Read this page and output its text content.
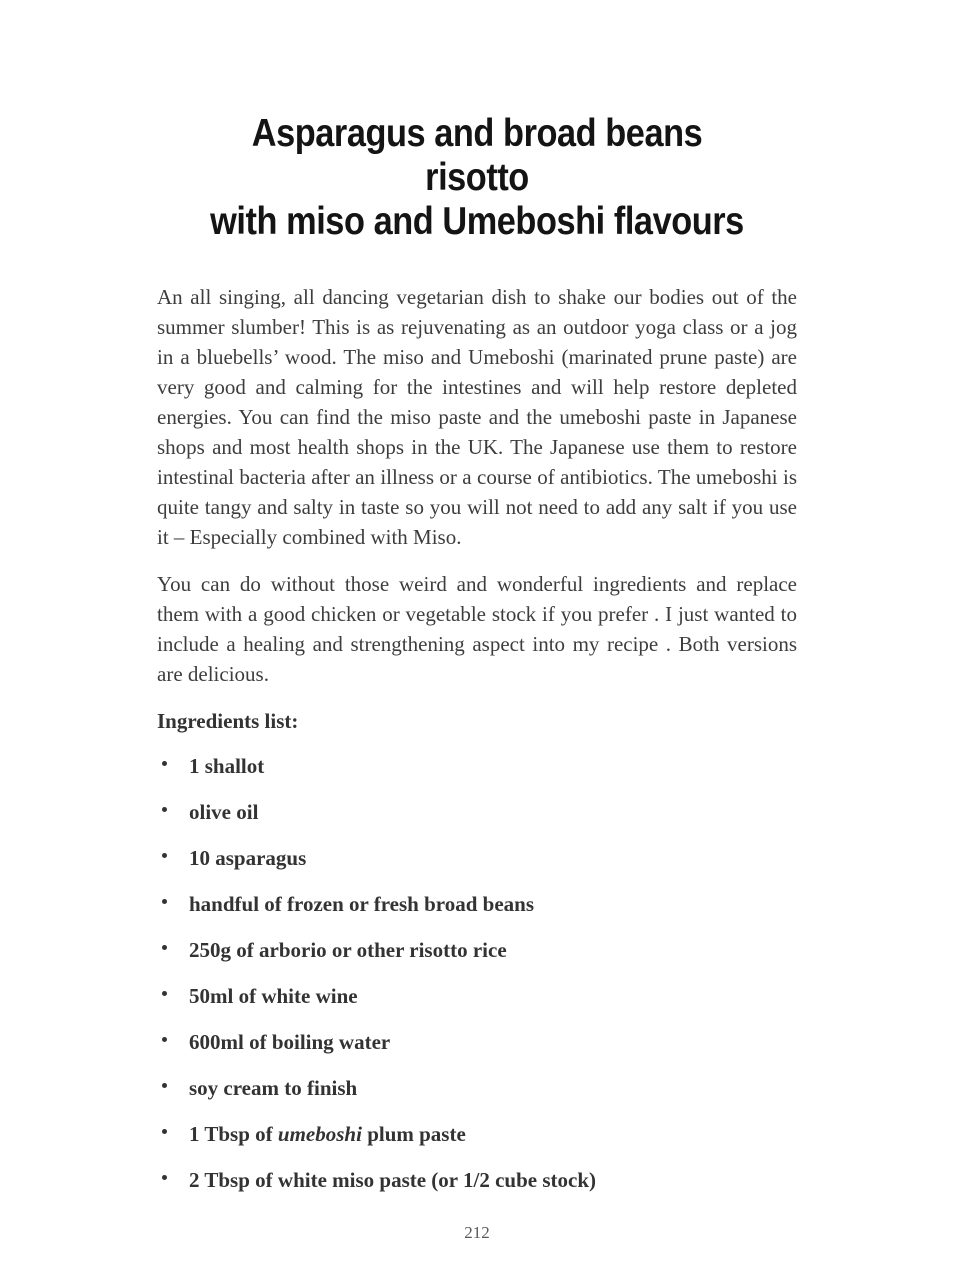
Asparagus and broad beans risotto
with miso and Umeboshi flavours

An all singing, all dancing vegetarian dish to shake our bodies out of the summer slumber! This is as rejuvenating as an outdoor yoga class or a jog in a bluebells’ wood. The miso and Umeboshi (marinated prune paste) are very good and calming for the intestines and will help restore depleted energies. You can find the miso paste and the umeboshi paste in Japanese shops and most health shops in the UK. The Japanese use them to restore intestinal bacteria after an illness or a course of antibiotics. The umeboshi is quite tangy and salty in taste so you will not need to add any salt if you use it – Especially combined with Miso.

You can do without those weird and wonderful ingredients and replace them with a good chicken or vegetable stock if you prefer . I just wanted to include a healing and strengthening aspect into my recipe . Both versions are delicious.

Ingredients list:
1 shallot
olive oil
10 asparagus
handful of frozen or fresh broad beans
250g of arborio or other risotto rice
50ml of white wine
600ml of boiling water
soy cream to finish
1 Tbsp of umeboshi plum paste
2 Tbsp of white miso paste (or 1/2 cube stock)
212
